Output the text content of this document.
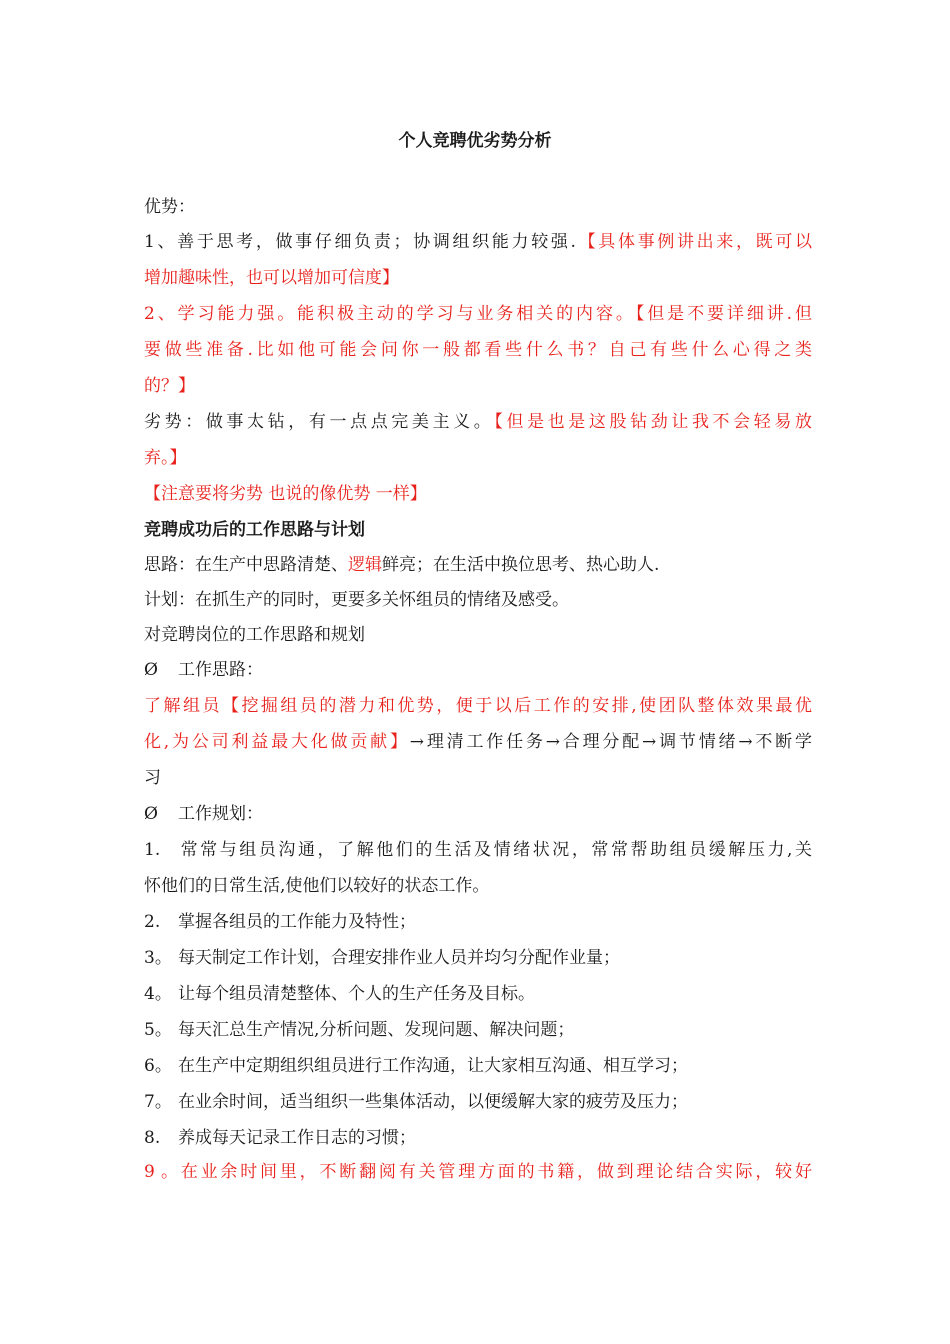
个人竞聘优劣势分析
优势：
1、善于思考，做事仔细负责；协调组织能力较强.【具体事例讲出来，既可以
增加趣味性，也可以增加可信度】
2、学习能力强。能积极主动的学习与业务相关的内容。【但是不要详细讲.但
要做些准备.比如他可能会问你一般都看些什么书？自己有些什么心得之类
的？】
劣势：做事太钻，有一点点完美主义。【但是也是这股钻劲让我不会轻易放
弃。】
【注意要将劣势 也说的像优势 一样】
竞聘成功后的工作思路与计划
思路：在生产中思路清楚、逻辑鲜亮；在生活中换位思考、热心助人.
计划：在抓生产的同时，更要多关怀组员的情绪及感受。
对竞聘岗位的工作思路和规划
Ø 工作思路：
了解组员【挖掘组员的潜力和优势，便于以后工作的安排,使团队整体效果最优
化,为公司利益最大化做贡献】→理清工作任务→合理分配→调节情绪→不断学
习
Ø 工作规划：
1. 常常与组员沟通，了解他们的生活及情绪状况，常常帮助组员缓解压力,关
怀他们的日常生活,使他们以较好的状态工作。
2. 掌握各组员的工作能力及特性；
3。 每天制定工作计划，合理安排作业人员并均匀分配作业量；
4。 让每个组员清楚整体、个人的生产任务及目标。
5。 每天汇总生产情况,分析问题、发现问题、解决问题；
6。 在生产中定期组织组员进行工作沟通，让大家相互沟通、相互学习；
7。 在业余时间，适当组织一些集体活动，以便缓解大家的疲劳及压力；
8. 养成每天记录工作日志的习惯；
9。在业余时间里，不断翻阅有关管理方面的书籍，做到理论结合实际，较好
